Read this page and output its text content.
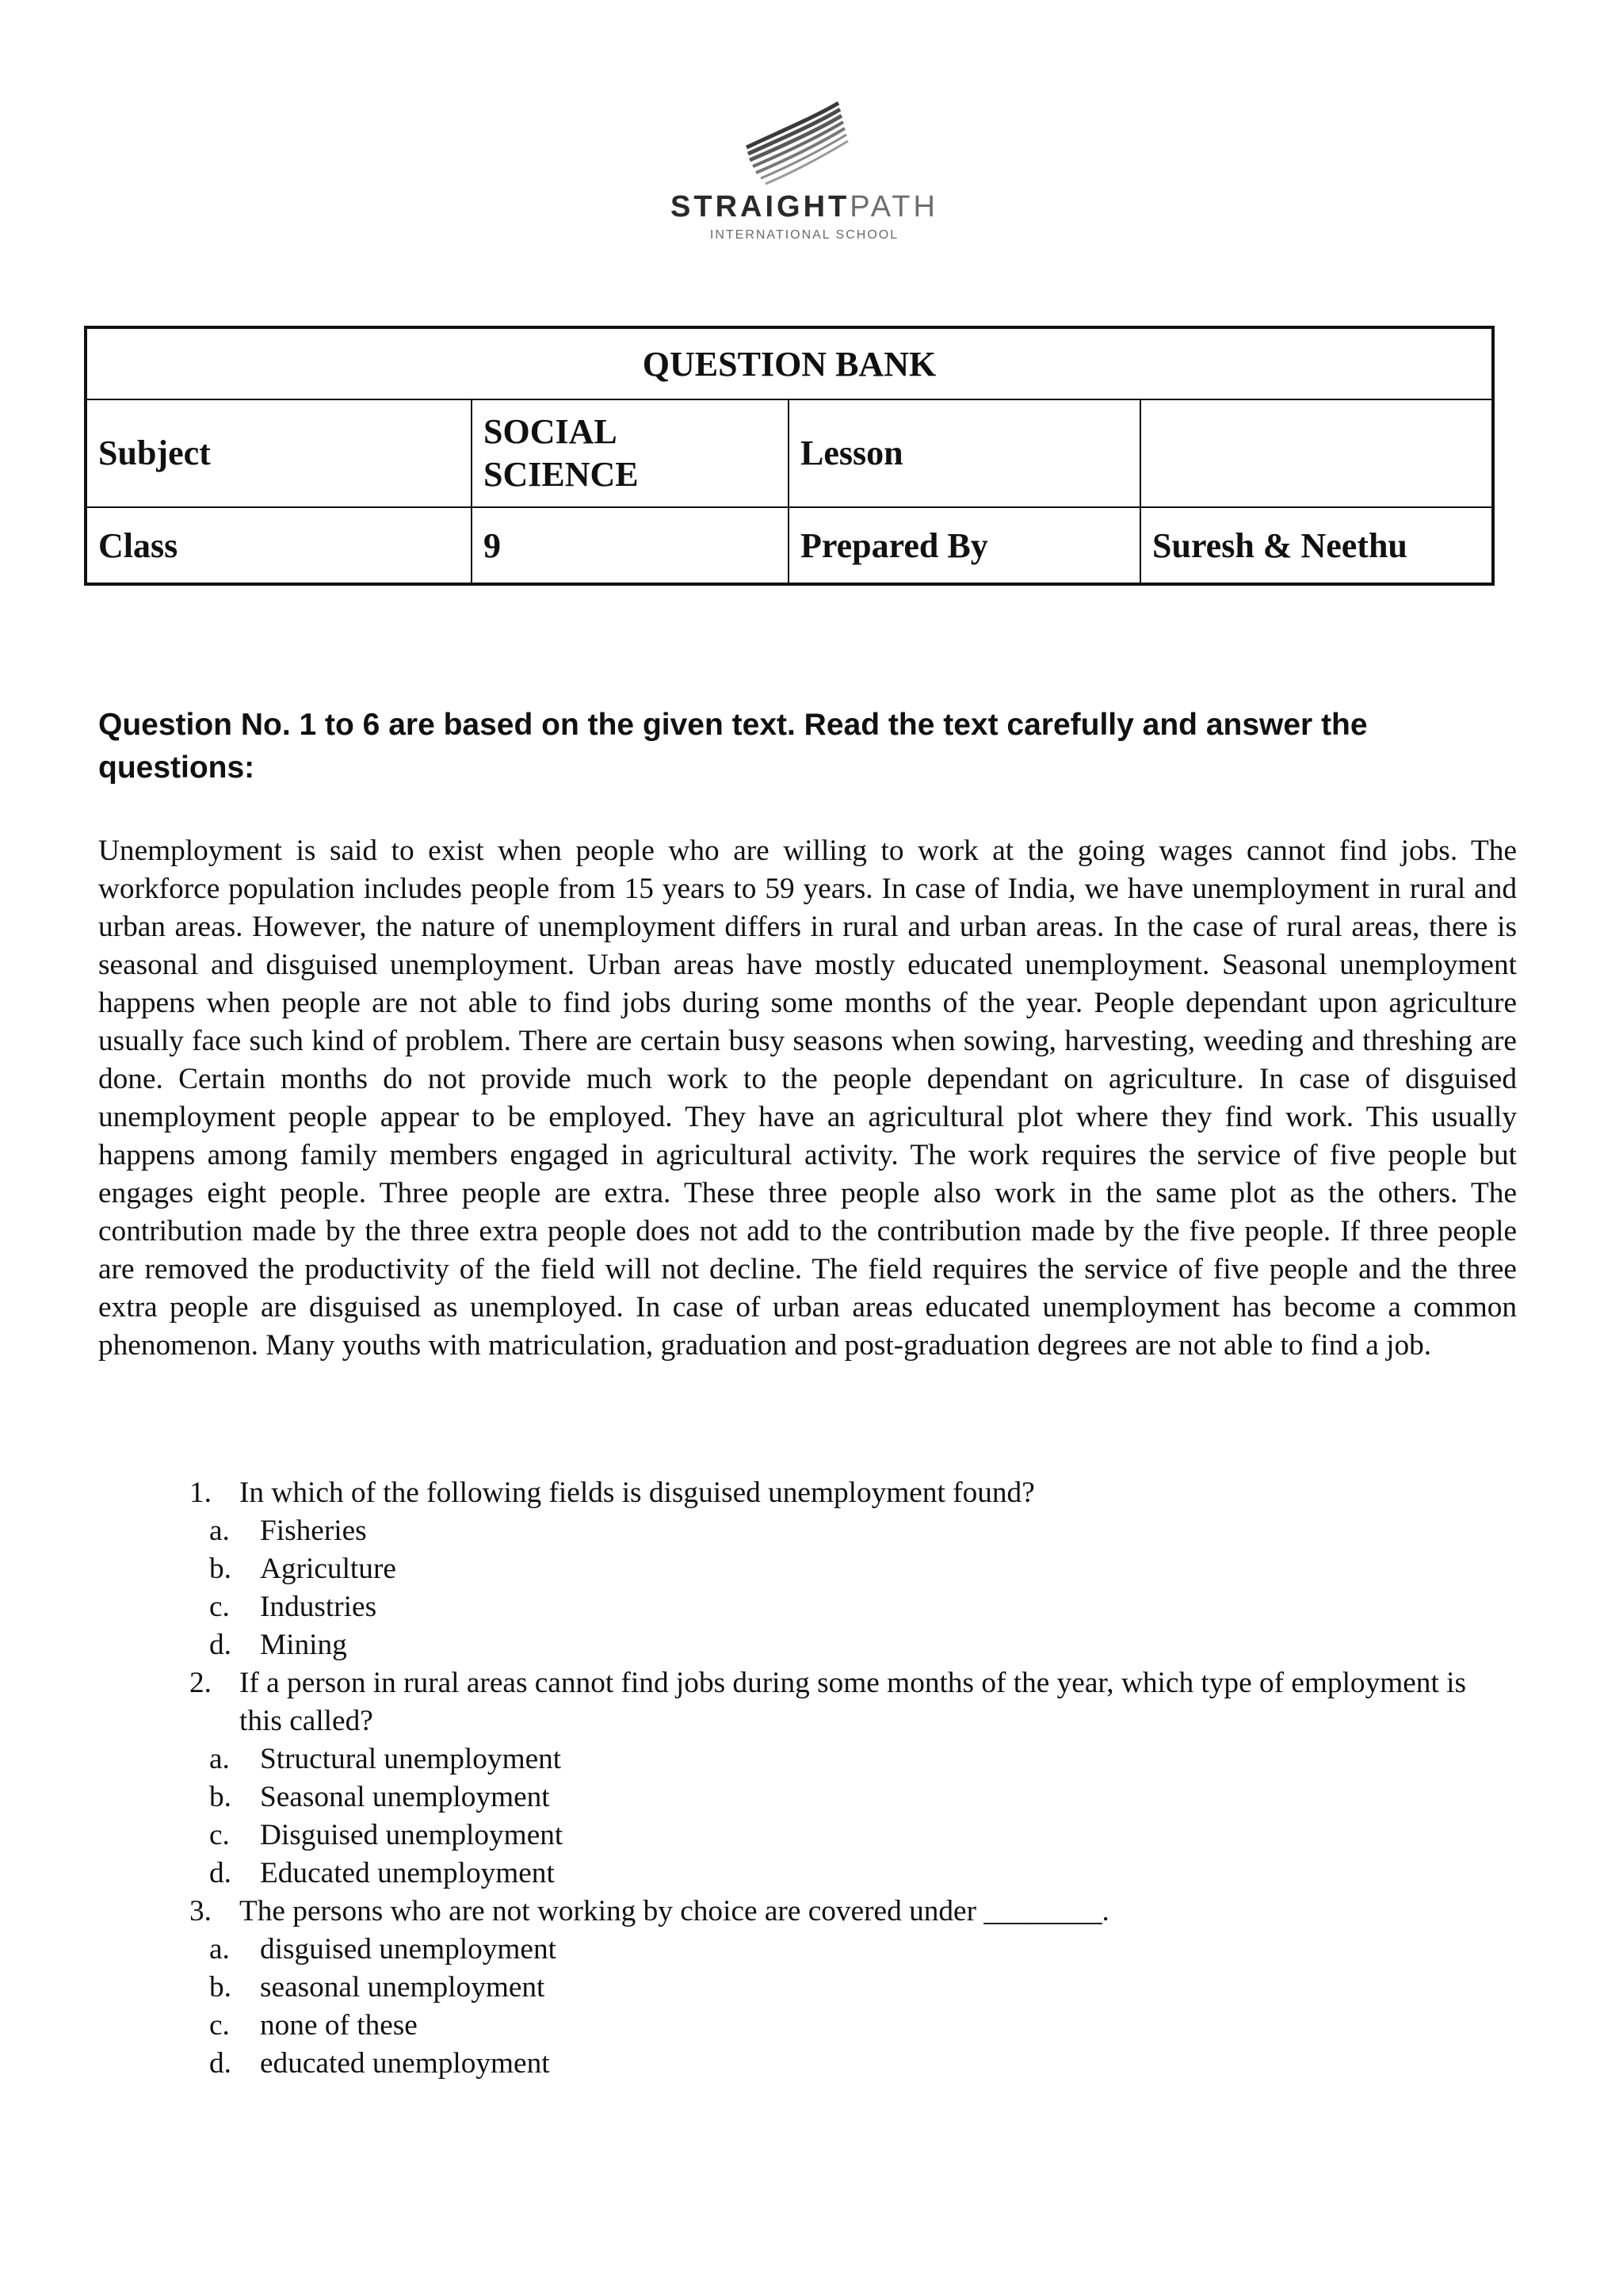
STRAIGHTPATH
INTERNATIONAL SCHOOL
QUESTION BANK			
Subject	SOCIAL SCIENCE	Lesson	
Class	9	Prepared By	Suresh & Neethu
Question No. 1 to 6 are based on the given text. Read the text carefully and answer the questions:
Unemployment is said to exist when people who are willing to work at the going wages cannot find jobs. The workforce population includes people from 15 years to 59 years. In case of India, we have unemployment in rural and urban areas. However, the nature of unemployment differs in rural and urban areas. In the case of rural areas, there is seasonal and disguised unemployment. Urban areas have mostly educated unemployment. Seasonal unemployment happens when people are not able to find jobs during some months of the year. People dependant upon agriculture usually face such kind of problem. There are certain busy seasons when sowing, harvesting, weeding and threshing are done. Certain months do not provide much work to the people dependant on agriculture. In case of disguised unemployment people appear to be employed. They have an agricultural plot where they find work. This usually happens among family members engaged in agricultural activity. The work requires the service of five people but engages eight people. Three people are extra. These three people also work in the same plot as the others. The contribution made by the three extra people does not add to the contribution made by the five people. If three people are removed the productivity of the field will not decline. The field requires the service of five people and the three extra people are disguised as unemployed. In case of urban areas educated unemployment has become a common phenomenon. Many youths with matriculation, graduation and post-graduation degrees are not able to find a job.
1. In which of the following fields is disguised unemployment found?
a. Fisheries
b. Agriculture
c. Industries
d. Mining
2. If a person in rural areas cannot find jobs during some months of the year, which type of employment is this called?
a. Structural unemployment
b. Seasonal unemployment
c. Disguised unemployment
d. Educated unemployment
3. The persons who are not working by choice are covered under ________.
a. disguised unemployment
b. seasonal unemployment
c. none of these
d. educated unemployment
